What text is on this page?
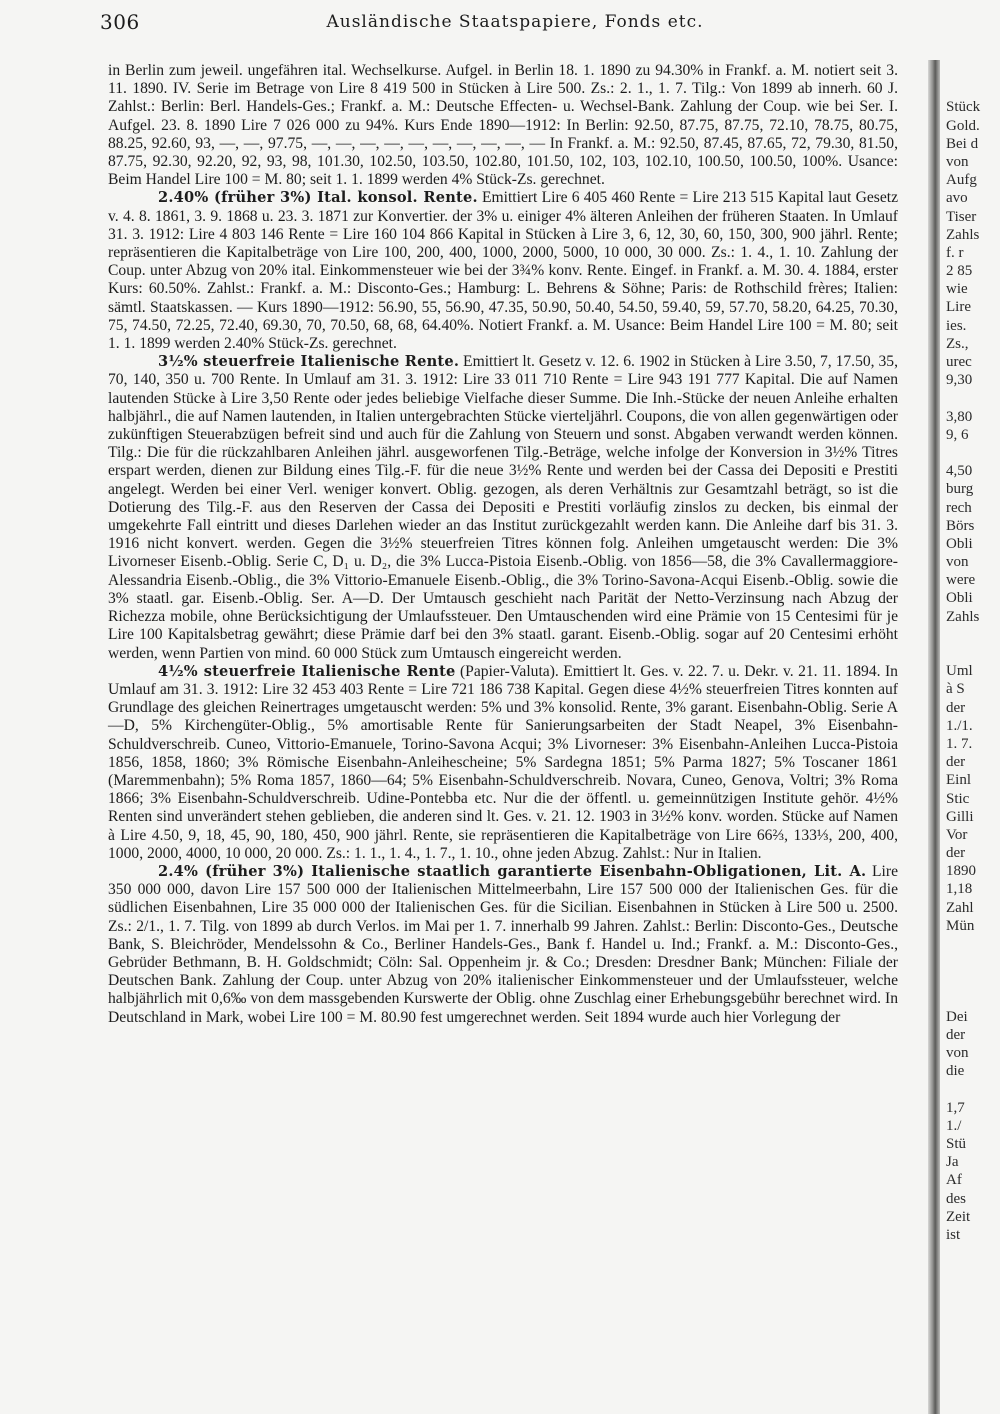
306	Ausländische Staatspapiere, Fonds etc.

in Berlin zum jeweil. ungefähren ital. Wechselkurse. Aufgel. in Berlin 18. 1. 1890 zu 94.30% in Frankf. a. M. notiert seit 3. 11. 1890. IV. Serie im Betrage von Lire 8 419 500 in Stücken à Lire 500. Zs.: 2. 1., 1. 7. Tilg.: Von 1899 ab innerh. 60 J. Zahlst.: Berlin: Berl. Handels-Ges.; Frankf. a. M.: Deutsche Effecten- u. Wechsel-Bank. Zahlung der Coup. wie bei Ser. I. Aufgel. 23. 8. 1890 Lire 7 026 000 zu 94%. Kurs Ende 1890—1912: In Berlin: 92.50, 87.75, 87.75, 72.10, 78.75, 80.75, 88.25, 92.60, 93, —, —, 97.75, —, —, —, —, —, —, —, —, —, — In Frankf. a. M.: 92.50, 87.45, 87.65, 72, 79.30, 81.50, 87.75, 92.30, 92.20, 92, 93, 98, 101.30, 102.50, 103.50, 102.80, 101.50, 102, 103, 102.10, 100.50, 100.50, 100%. Usance: Beim Handel Lire 100 = M. 80; seit 1. 1. 1899 werden 4% Stück-Zs. gerechnet.

2.40% (früher 3%) Ital. konsol. Rente. Emittiert Lire 6 405 460 Rente = Lire 213 515 Kapital laut Gesetz v. 4. 8. 1861, 3. 9. 1868 u. 23. 3. 1871 zur Konvertier. der 3% u. einiger 4% älteren Anleihen der früheren Staaten. In Umlauf 31. 3. 1912: Lire 4 803 146 Rente = Lire 160 104 866 Kapital in Stücken à Lire 3, 6, 12, 30, 60, 150, 300, 900 jährl. Rente; repräsentieren die Kapitalbeträge von Lire 100, 200, 400, 1000, 2000, 5000, 10 000, 30 000. Zs.: 1. 4., 1. 10. Zahlung der Coup. unter Abzug von 20% ital. Einkommensteuer wie bei der 3¾% konv. Rente. Eingef. in Frankf. a. M. 30. 4. 1884, erster Kurs: 60.50%. Zahlst.: Frankf. a. M.: Disconto-Ges.; Hamburg: L. Behrens & Söhne; Paris: de Rothschild frères; Italien: sämtl. Staatskassen. — Kurs 1890—1912: 56.90, 55, 56.90, 47.35, 50.90, 50.40, 54.50, 59.40, 59, 57.70, 58.20, 64.25, 70.30, 75, 74.50, 72.25, 72.40, 69.30, 70, 70.50, 68, 68, 64.40%. Notiert Frankf. a. M. Usance: Beim Handel Lire 100 = M. 80; seit 1. 1. 1899 werden 2.40% Stück-Zs. gerechnet.

3½% steuerfreie Italienische Rente. Emittiert lt. Gesetz v. 12. 6. 1902 in Stücken à Lire 3.50, 7, 17.50, 35, 70, 140, 350 u. 700 Rente. In Umlauf am 31. 3. 1912: Lire 33 011 710 Rente = Lire 943 191 777 Kapital. Die auf Namen lautenden Stücke à Lire 3,50 Rente oder jedes beliebige Vielfache dieser Summe. Die Inh.-Stücke der neuen Anleihe erhalten halbjährl., die auf Namen lautenden, in Italien untergebrachten Stücke vierteljährl. Coupons, die von allen gegenwärtigen oder zukünftigen Steuerabzügen befreit sind und auch für die Zahlung von Steuern und sonst. Abgaben verwandt werden können. Tilg.: Die für die rückzahlbaren Anleihen jährl. ausgeworfenen Tilg.-Beträge, welche infolge der Konversion in 3½% Titres erspart werden, dienen zur Bildung eines Tilg.-F. für die neue 3½% Rente und werden bei der Cassa dei Depositi e Prestiti angelegt. Werden bei einer Verl. weniger konvert. Oblig. gezogen, als deren Verhältnis zur Gesamtzahl beträgt, so ist die Dotierung des Tilg.-F. aus den Reserven der Cassa dei Depositi e Prestiti vorläufig zinslos zu decken, bis einmal der umgekehrte Fall eintritt und dieses Darlehen wieder an das Institut zurückgezahlt werden kann. Die Anleihe darf bis 31. 3. 1916 nicht konvert. werden. Gegen die 3½% steuerfreien Titres können folg. Anleihen umgetauscht werden: Die 3% Livorneser Eisenb.-Oblig. Serie C, D₁ u. D₂, die 3% Lucca-Pistoia Eisenb.-Oblig. von 1856—58, die 3% Cavallermaggiore-Alessandria Eisenb.-Oblig., die 3% Vittorio-Emanuele Eisenb.-Oblig., die 3% Torino-Savona-Acqui Eisenb.-Oblig. sowie die 3% staatl. gar. Eisenb.-Oblig. Ser. A—D. Der Umtausch geschieht nach Parität der Netto-Verzinsung nach Abzug der Richezza mobile, ohne Berücksichtigung der Umlaufssteuer. Den Umtauschenden wird eine Prämie von 15 Centesimi für je Lire 100 Kapitalsbetrag gewährt; diese Prämie darf bei den 3% staatl. garant. Eisenb.-Oblig. sogar auf 20 Centesimi erhöht werden, wenn Partien von mind. 60 000 Stück zum Umtausch eingereicht werden.

4½% steuerfreie Italienische Rente (Papier-Valuta). Emittiert lt. Ges. v. 22. 7. u. Dekr. v. 21. 11. 1894. In Umlauf am 31. 3. 1912: Lire 32 453 403 Rente = Lire 721 186 738 Kapital. Gegen diese 4½% steuerfreien Titres konnten auf Grundlage des gleichen Reinertrages umgetauscht werden: 5% und 3% konsolid. Rente, 3% garant. Eisenbahn-Oblig. Serie A—D, 5% Kirchengüter-Oblig., 5% amortisable Rente für Sanierungsarbeiten der Stadt Neapel, 3% Eisenbahn-Schuldverschreib. Cuneo, Vittorio-Emanuele, Torino-Savona Acqui; 3% Livorneser: 3% Eisenbahn-Anleihen Lucca-Pistoia 1856, 1858, 1860; 3% Römische Eisenbahn-Anleihescheine; 5% Sardegna 1851; 5% Parma 1827; 5% Toscaner 1861 (Maremmenbahn); 5% Roma 1857, 1860—64; 5% Eisenbahn-Schuldverschreib. Novara, Cuneo, Genova, Voltri; 3% Roma 1866; 3% Eisenbahn-Schuldverschreib. Udine-Pontebba etc. Nur die der öffentl. u. gemeinnützigen Institute gehör. 4½% Renten sind unverändert stehen geblieben, die anderen sind lt. Ges. v. 21. 12. 1903 in 3½% konv. worden. Stücke auf Namen à Lire 4.50, 9, 18, 45, 90, 180, 450, 900 jährl. Rente, sie repräsentieren die Kapitalbeträge von Lire 66⅔, 133⅓, 200, 400, 1000, 2000, 4000, 10 000, 20 000. Zs.: 1. 1., 1. 4., 1. 7., 1. 10., ohne jeden Abzug. Zahlst.: Nur in Italien.

2.4% (früher 3%) Italienische staatlich garantierte Eisenbahn-Obligationen, Lit. A. Lire 350 000 000, davon Lire 157 500 000 der Italienischen Mittelmeerbahn, Lire 157 500 000 der Italienischen Ges. für die südlichen Eisenbahnen, Lire 35 000 000 der Italienischen Ges. für die Sicilian. Eisenbahnen in Stücken à Lire 500 u. 2500. Zs.: 2/1., 1. 7. Tilg. von 1899 ab durch Verlos. im Mai per 1. 7. innerhalb 99 Jahren. Zahlst.: Berlin: Disconto-Ges., Deutsche Bank, S. Bleichröder, Mendelssohn & Co., Berliner Handels-Ges., Bank f. Handel u. Ind.; Frankf. a. M.: Disconto-Ges., Gebrüder Bethmann, B. H. Goldschmidt; Cöln: Sal. Oppenheim jr. & Co.; Dresden: Dresdner Bank; München: Filiale der Deutschen Bank. Zahlung der Coup. unter Abzug von 20% italienischer Einkommensteuer und der Umlaufssteuer, welche halbjährlich mit 0,6‰ von dem massgebenden Kurswerte der Oblig. ohne Zuschlag einer Erhebungsgebühr berechnet wird. In Deutschland in Mark, wobei Lire 100 = M. 80.90 fest umgerechnet werden. Seit 1894 wurde auch hier Vorlegung der

Stück
Gold.
Bei d
von
Aufg
avo
Tiser
Zahls
f. r
2 85
wie
Lire
ies.
Zs.,
urec
9,30
3,80
9, 6
4,50
burg
rech
Börs
Obli
von
were
Obli
Zahls
Uml
à S
der
1./1.
1. 7.
der
Einl
Stic
Gilli
Vor
der
1890
1,18
Zahl
Mün
Dei
der
von
die
1,7
1./
Stü
Ja
Af
des
Zeit
ist
